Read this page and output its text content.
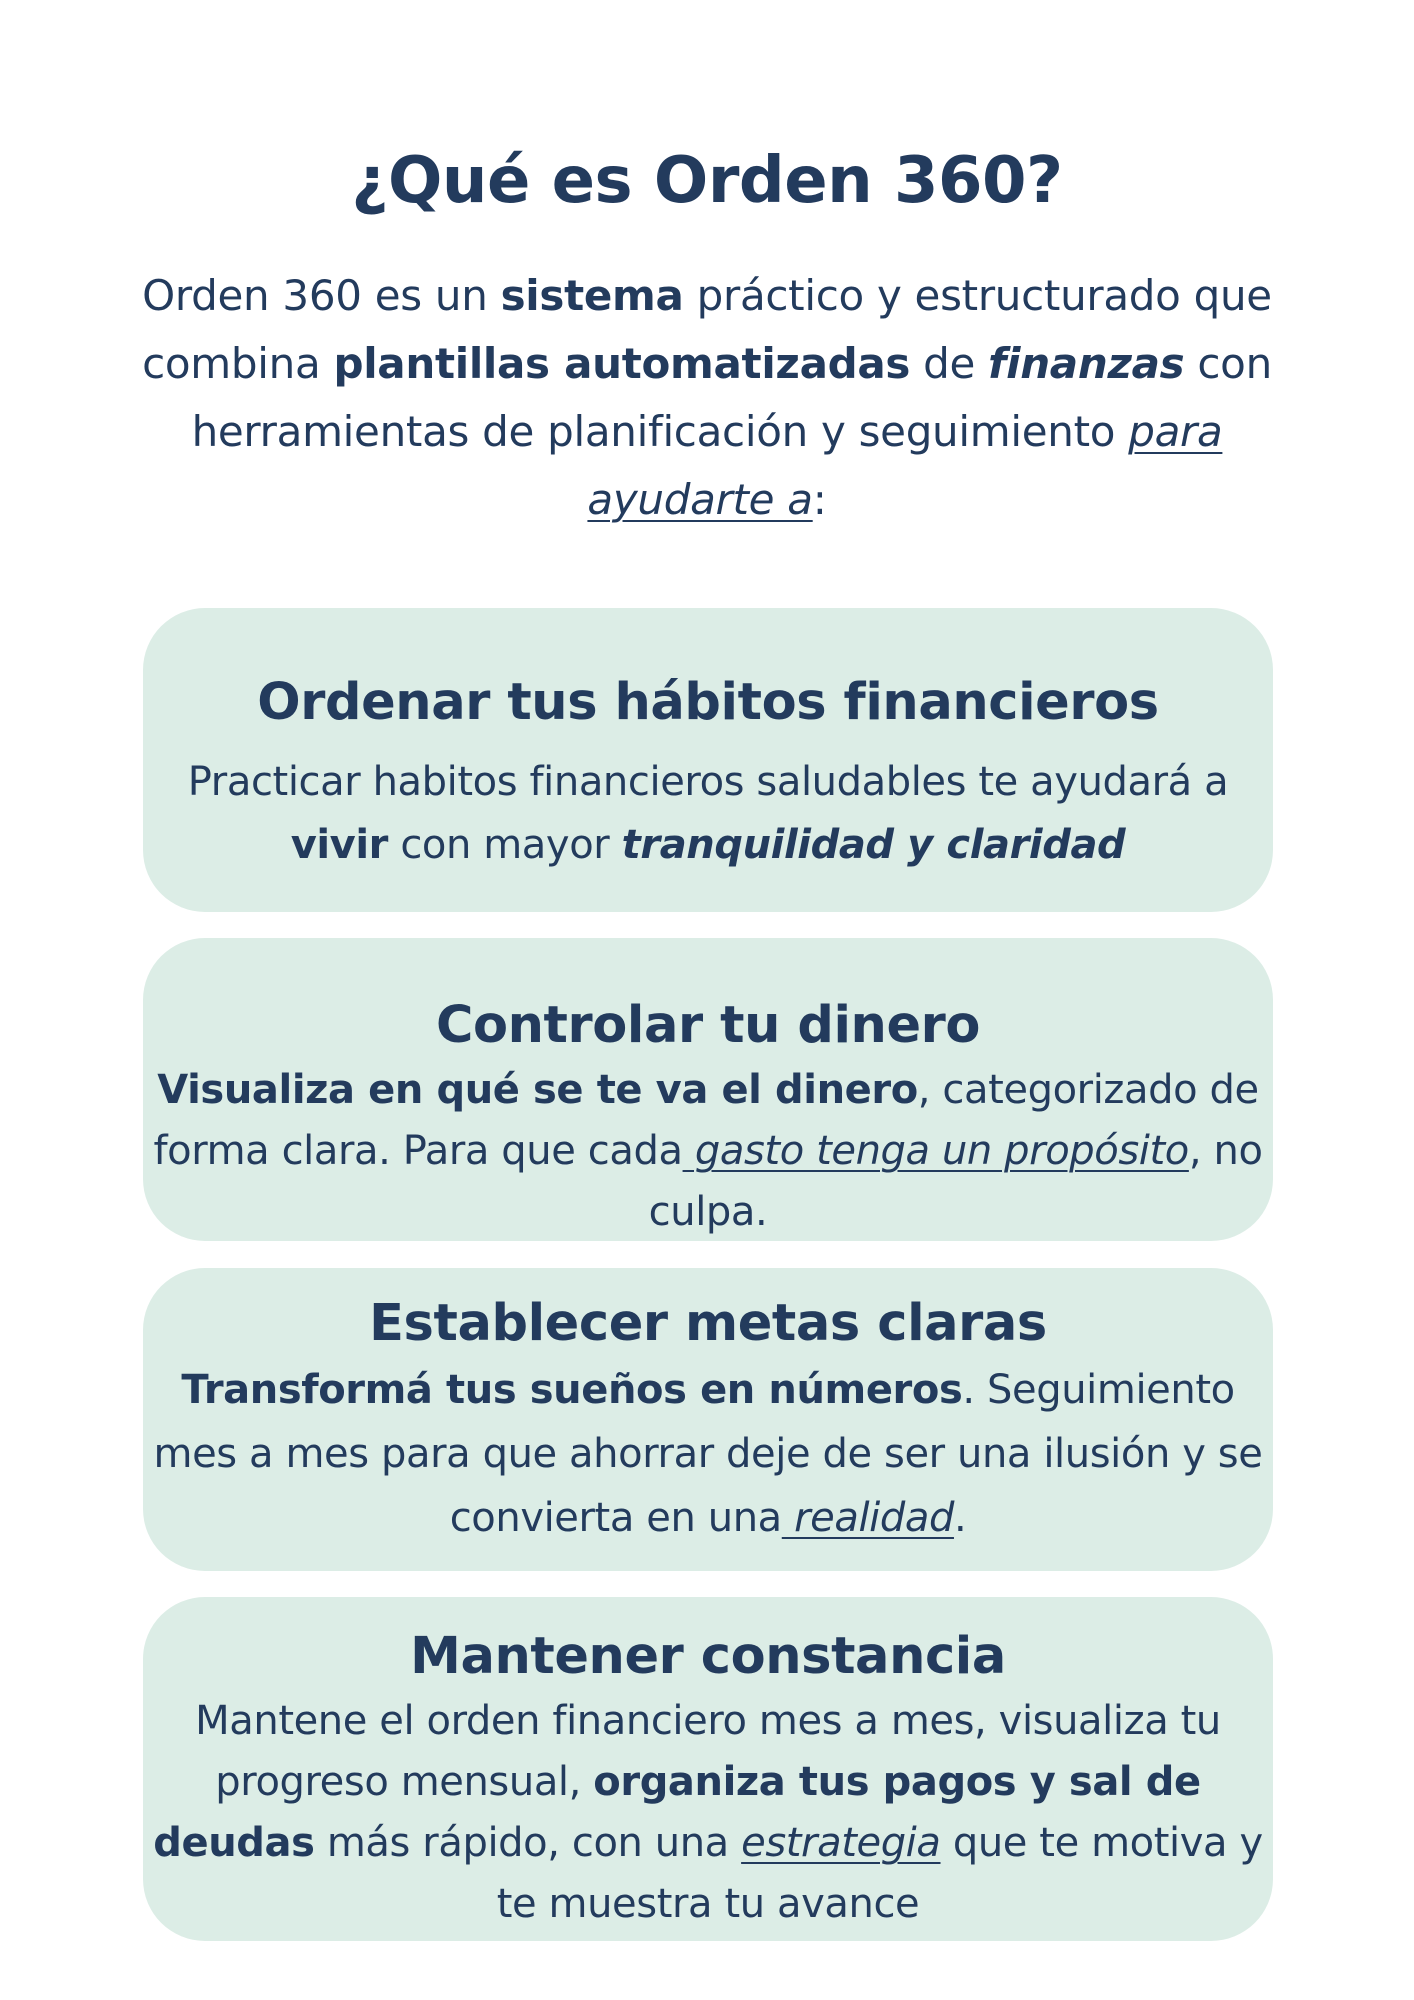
¿Qué es Orden 360?

Orden 360 es un sistema práctico y estructurado que combina plantillas automatizadas de finanzas con herramientas de planificación y seguimiento para ayudarte a:

Ordenar tus hábitos financieros

Practicar habitos financieros saludables te ayudará a vivir con mayor tranquilidad y claridad

Controlar tu dinero

Visualiza en qué se te va el dinero, categorizado de forma clara. Para que cada gasto tenga un propósito, no culpa.

Establecer metas claras

Transformá tus sueños en números. Seguimiento mes a mes para que ahorrar deje de ser una ilusión y se convierta en una realidad.

Mantener constancia

Mantene el orden financiero mes a mes, visualiza tu progreso mensual, organiza tus pagos y sal de deudas más rápido, con una estrategia que te motiva y te muestra tu avance
